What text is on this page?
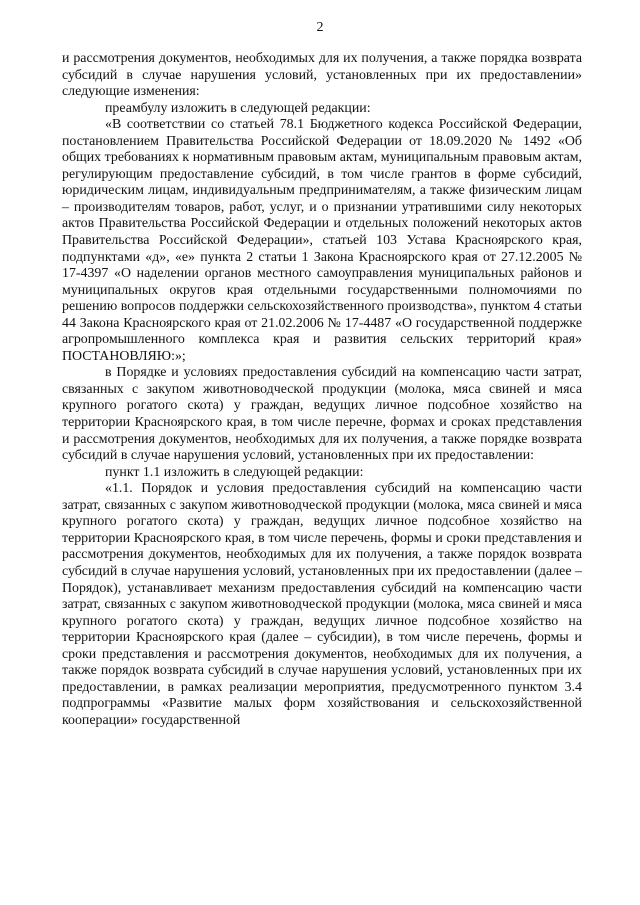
2

и рассмотрения документов, необходимых для их получения, а также порядка возврата субсидий в случае нарушения условий, установленных при их предоставлении» следующие изменения:

преамбулу изложить в следующей редакции:

«В соответствии со статьей 78.1 Бюджетного кодекса Российской Федерации, постановлением Правительства Российской Федерации от 18.09.2020 № 1492 «Об общих требованиях к нормативным правовым актам, муниципальным правовым актам, регулирующим предоставление субсидий, в том числе грантов в форме субсидий, юридическим лицам, индивидуальным предпринимателям, а также физическим лицам – производителям товаров, работ, услуг, и о признании утратившими силу некоторых актов Правительства Российской Федерации и отдельных положений некоторых актов Правительства Российской Федерации», статьей 103 Устава Красноярского края, подпунктами «д», «е» пункта 2 статьи 1 Закона Красноярского края от 27.12.2005 № 17-4397 «О наделении органов местного самоуправления муниципальных районов и муниципальных округов края отдельными государственными полномочиями по решению вопросов поддержки сельскохозяйственного производства», пунктом 4 статьи 44 Закона Красноярского края от 21.02.2006 № 17-4487 «О государственной поддержке агропромышленного комплекса края и развития сельских территорий края» ПОСТАНОВЛЯЮ:»;

в Порядке и условиях предоставления субсидий на компенсацию части затрат, связанных с закупом животноводческой продукции (молока, мяса свиней и мяса крупного рогатого скота) у граждан, ведущих личное подсобное хозяйство на территории Красноярского края, в том числе перечне, формах и сроках представления и рассмотрения документов, необходимых для их получения, а также порядке возврата субсидий в случае нарушения условий, установленных при их предоставлении:

пункт 1.1 изложить в следующей редакции:

«1.1. Порядок и условия предоставления субсидий на компенсацию части затрат, связанных с закупом животноводческой продукции (молока, мяса свиней и мяса крупного рогатого скота) у граждан, ведущих личное подсобное хозяйство на территории Красноярского края, в том числе перечень, формы и сроки представления и рассмотрения документов, необходимых для их получения, а также порядок возврата субсидий в случае нарушения условий, установленных при их предоставлении (далее – Порядок), устанавливает механизм предоставления субсидий на компенсацию части затрат, связанных с закупом животноводческой продукции (молока, мяса свиней и мяса крупного рогатого скота) у граждан, ведущих личное подсобное хозяйство на территории Красноярского края (далее – субсидии), в том числе перечень, формы и сроки представления и рассмотрения документов, необходимых для их получения, а также порядок возврата субсидий в случае нарушения условий, установленных при их предоставлении, в рамках реализации мероприятия, предусмотренного пунктом 3.4 подпрограммы «Развитие малых форм хозяйствования и сельскохозяйственной кооперации» государственной
